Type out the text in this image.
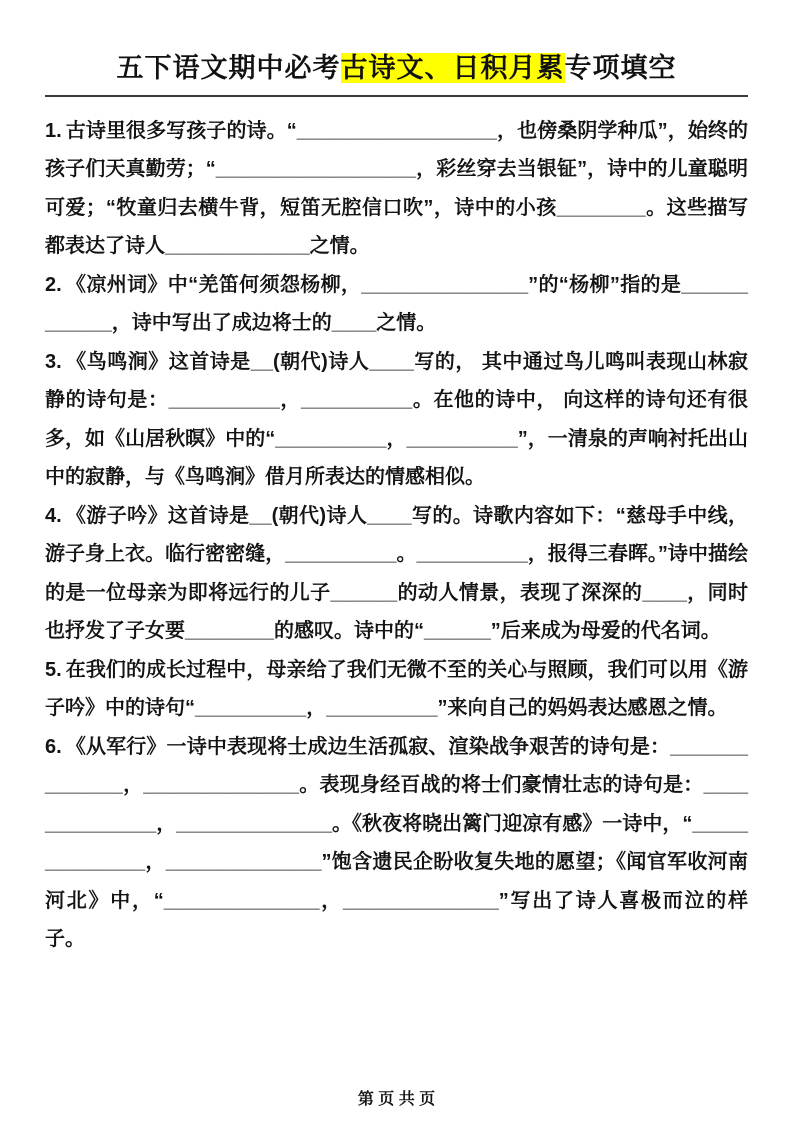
五下语文期中必考古诗文、日积月累专项填空

1. 古诗里很多写孩子的诗。“__________________，也傍桑阴学种瓜”，始终的孩子们天真勤劳；“__________________，彩丝穿去当银钲”，诗中的儿童聪明可爱；“牧童归去横牛背，短笛无腔信口吹”，诗中的小孩________。这些描写都表达了诗人_____________之情。

2. 《凉州词》中“羌笛何须怨杨柳，_______________”的“杨柳”指的是____________，诗中写出了成边将士的____之情。

3. 《鸟鸣涧》这首诗是__(朝代)诗人____写的， 其中通过鸟儿鸣叫表现山林寂静的诗句是：__________，__________。在他的诗中， 向这样的诗句还有很多，如《山居秋暝》中的“__________，__________”，一清泉的声响衬托出山中的寂静，与《鸟鸣涧》借月所表达的情感相似。

4. 《游子吟》这首诗是__(朝代)诗人____写的。诗歌内容如下：“慈母手中线，游子身上衣。临行密密缝，__________。__________，报得三春晖。”诗中描绘的是一位母亲为即将远行的儿子______的动人情景，表现了深深的____，同时也抒发了子女要________的感叹。诗中的“______”后来成为母爱的代名词。

5. 在我们的成长过程中，母亲给了我们无微不至的关心与照顾，我们可以用《游子吟》中的诗句“__________，__________”来向自己的妈妈表达感恩之情。

6. 《从军行》一诗中表现将士成边生活孤寂、渲染战争艰苦的诗句是：______________，______________。表现身经百战的将士们豪情壮志的诗句是：______________，______________。《秋夜将晓出篱门迎凉有感》一诗中，“______________，______________”饱含遗民企盼收复失地的愿望；《闻官军收河南河北》中，“______________，______________”写出了诗人喜极而泣的样子。

第 页 共 页
